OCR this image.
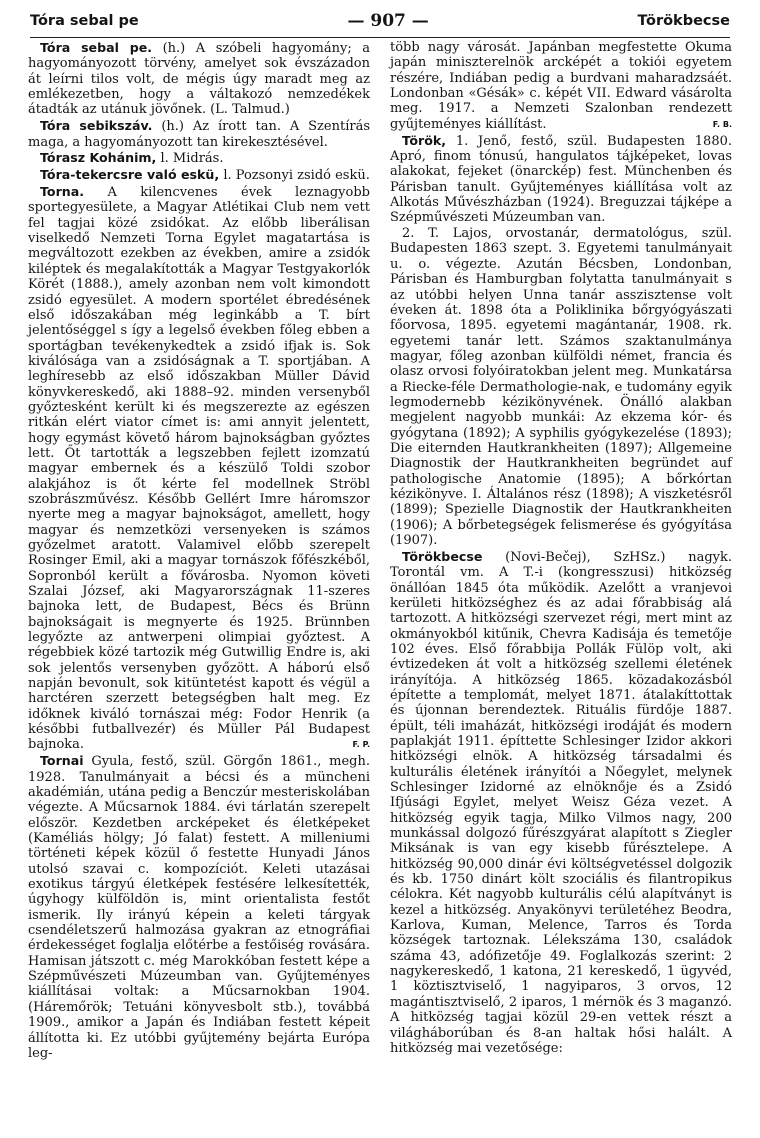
Tóra sebal pe	— 907 —	Törökbecse

Tóra sebal pe. (h.) A szóbeli hagyomány; a hagyományozott törvény, amelyet sok évszázadon át leírni tilos volt, de mégis úgy maradt meg az emlékezetben, hogy a váltakozó nemzedékek átadták az utánuk jövőnek. (L. Talmud.)

Tóra sebikszáv. (h.) Az írott tan. A Szentírás maga, a hagyományozott tan kirekesztésével.

Tórasz Kohánim, l. Midrás.

Tóra-tekercsre való eskü, l. Pozsonyi zsidó eskü.

Torna. A kilencvenes évek leznagyobb sportegyesülete, a Magyar Atlétikai Club nem vett fel tagjai közé zsidókat. Az előbb liberálisan viselkedő Nemzeti Torna Egylet magatartása is megváltozott ezekben az években, amire a zsidók kiléptek és megalakították a Magyar Testgyakorlók Körét (1888.), amely azonban nem volt kimondott zsidó egyesület. A modern sportélet ébredésének első időszakában még leginkább a T. bírt jelentőséggel s így a legelső években főleg ebben a sportágban tevékenykedtek a zsidó ifjak is. Sok kiválósága van a zsidóságnak a T. sportjában. A leghíresebb az első időszakban Müller Dávid könyvkereskedő, aki 1888–92. minden versenyből győztesként került ki és megszerezte az egészen ritkán elért viator címet is: ami annyit jelentett, hogy egymást követő három bajnokságban győztes lett. Őt tartották a legszebben fejlett izomzatú magyar embernek és a készülő Toldi szobor alakjához is őt kérte fel modellnek Ströbl szobrászművész. Később Gellért Imre háromszor nyerte meg a magyar bajnokságot, amellett, hogy magyar és nemzetközi versenyeken is számos győzelmet aratott. Valamivel előbb szerepelt Rosinger Emil, aki a magyar tornászok főfészkéből, Sopronból került a fővárosba. Nyomon követi Szalai József, aki Magyarországnak 11-szeres bajnoka lett, de Budapest, Bécs és Brünn bajnokságait is megnyerte és 1925. Brünnben legyőzte az antwerpeni olimpiai győztest. A régebbiek közé tartozik még Gutwillig Endre is, aki sok jelentős versenyben győzött. A háború első napján bevonult, sok kitüntetést kapott és végül a harctéren szerzett betegségben halt meg. Ez időknek kiváló tornászai még: Fodor Henrik (a későbbi futballvezér) és Müller Pál Budapest bajnoka.	F. P.

Tornai Gyula, festő, szül. Görgőn 1861., megh. 1928. Tanulmányait a bécsi és a müncheni akadémián, utána pedig a Benczúr mesteriskolában végezte. A Műcsarnok 1884. évi tárlatán szerepelt először. Kezdetben arcképeket és életképeket (Kaméliás hölgy; Jó falat) festett. A milleniumi történeti képek közül ő festette Hunyadi János utolsó szavai c. kompozíciót. Keleti utazásai exotikus tárgyú életképek festésére lelkesítették, úgyhogy külföldön is, mint orientalista festőt ismerik. Ily irányú képein a keleti tárgyak csendéletszerű halmozása gyakran az etnográfiai érdekességet foglalja előtérbe a festőiség rovására. Hamisan játszott c. még Marokkóban festett képe a Szépművészeti Múzeumban van. Gyűjteményes kiállításai voltak: a Műcsarnokban 1904. (Háremőrök; Tetuáni könyvesbolt stb.), továbbá 1909., amikor a Japán és Indiában festett képeit állította ki. Ez utóbbi gyűjtemény bejárta Európa leg-

több nagy városát. Japánban megfestette Okuma japán miniszterelnök arcképét a tokiói egyetem részére, Indiában pedig a burdvani maharadzsáét. Londonban «Gésák» c. képét VII. Edward vásárolta meg. 1917. a Nemzeti Szalonban rendezett gyűjteményes kiállítást.	F. B.

Török, 1. Jenő, festő, szül. Budapesten 1880. Apró, finom tónusú, hangulatos tájképeket, lovas alakokat, fejeket (önarckép) fest. Münchenben és Párisban tanult. Gyűjteményes kiállítása volt az Alkotás Művészházban (1924). Breguzzai tájképe a Szépművészeti Múzeumban van.

2. T. Lajos, orvostanár, dermatológus, szül. Budapesten 1863 szept. 3. Egyetemi tanulmányait u. o. végezte. Azután Bécsben, Londonban, Párisban és Hamburgban folytatta tanulmányait s az utóbbi helyen Unna tanár asszisztense volt éveken át. 1898 óta a Poliklinika bőrgyógyászati főorvosa, 1895. egyetemi magántanár, 1908. rk. egyetemi tanár lett. Számos szaktanulmánya magyar, főleg azonban külföldi német, francia és olasz orvosi folyóiratokban jelent meg. Munkatársa a Riecke-féle Dermathologie-nak, e tudomány egyik legmodernebb kézikönyvének. Önálló alakban megjelent nagyobb munkái: Az ekzema kór- és gyógytana (1892); A syphilis gyógykezelése (1893); Die eiternden Hautkrankheiten (1897); Allgemeine Diagnostik der Hautkrankheiten begründet auf pathologische Anatomie (1895); A bőrkórtan kézikönyve. I. Általános rész (1898); A viszketésről (1899); Spezielle Diagnostik der Hautkrankheiten (1906); A bőrbetegségek felismerése és gyógyítása (1907).

Törökbecse (Novi-Bečej), SzHSz.) nagyk. Torontál vm. A T.-i (kongresszusi) hitközség önállóan 1845 óta működik. Azelőtt a vranjevoi kerületi hitközséghez és az adai főrabbiság alá tartozott. A hitközségi szervezet régi, mert mint az okmányokból kitűnik, Chevra Kadisája és temetője 102 éves. Első főrabbija Pollák Fülöp volt, aki évtizedeken át volt a hitközség szellemi életének irányítója. A hitközség 1865. közadakozásból építette a templomát, melyet 1871. átalakíttottak és újonnan berendeztek. Rituális fürdője 1887. épült, téli imaházát, hitközségi irodáját és modern paplakját 1911. építtette Schlesinger Izidor akkori hitközségi elnök. A hitközség társadalmi és kulturális életének irányítói a Nőegylet, melynek Schlesinger Izidorné az elnöknője és a Zsidó Ifjúsági Egylet, melyet Weisz Géza vezet. A hitközség egyik tagja, Milko Vilmos nagy, 200 munkással dolgozó fűrészgyárat alapított s Ziegler Miksának is van egy kisebb fűrésztelepe. A hitközség 90,000 dinár évi költségvetéssel dolgozik és kb. 1750 dinárt költ szociális és filantropikus célokra. Két nagyobb kulturális célú alapítványt is kezel a hitközség. Anyakönyvi területéhez Beodra, Karlova, Kuman, Melence, Tarros és Torda községek tartoznak. Lélekszáma 130, családok száma 43, adófizetője 49. Foglalkozás szerint: 2 nagykereskedő, 1 katona, 21 kereskedő, 1 ügyvéd, 1 köztisztviselő, 1 nagyiparos, 3 orvos, 12 magántisztviselő, 2 iparos, 1 mérnök és 3 maganzó. A hitközség tagjai közül 29-en vettek részt a világháborúban és 8-an haltak hősi halált. A hitközség mai vezetősége:
